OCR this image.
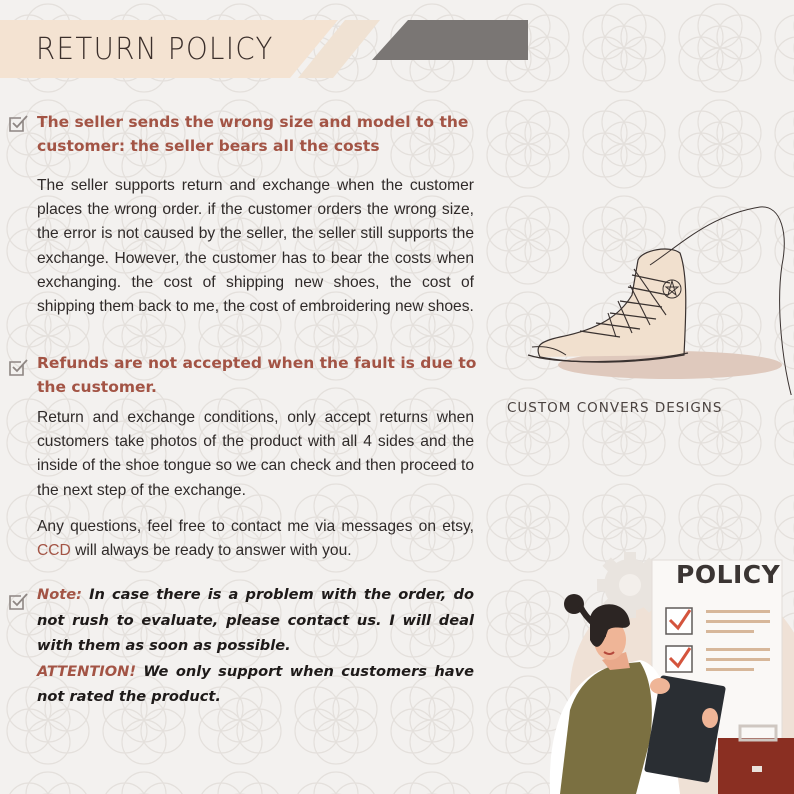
RETURN POLICY
The seller sends the wrong size and model to the customer: the seller bears all the costs
The seller supports return and exchange when the customer places the wrong order. if the customer orders the wrong size, the error is not caused by the seller, the seller still supports the exchange. However, the customer has to bear the costs when exchanging. the cost of shipping new shoes, the cost of shipping them back to me, the cost of embroidering new shoes.
Refunds are not accepted when the fault is due to the customer.
Return and exchange conditions, only accept returns when customers take photos of the product with all 4 sides and the inside of the shoe tongue so we can check and then proceed to the next step of the exchange.
Any questions, feel free to contact me via messages on etsy, CCD will always be ready to answer with you.
Note: In case there is a problem with the order, do not rush to evaluate, please contact us. I will deal with them as soon as possible.
ATTENTION! We only support when customers have not rated the product.
CUSTOM CONVERS DESIGNS
POLICY
